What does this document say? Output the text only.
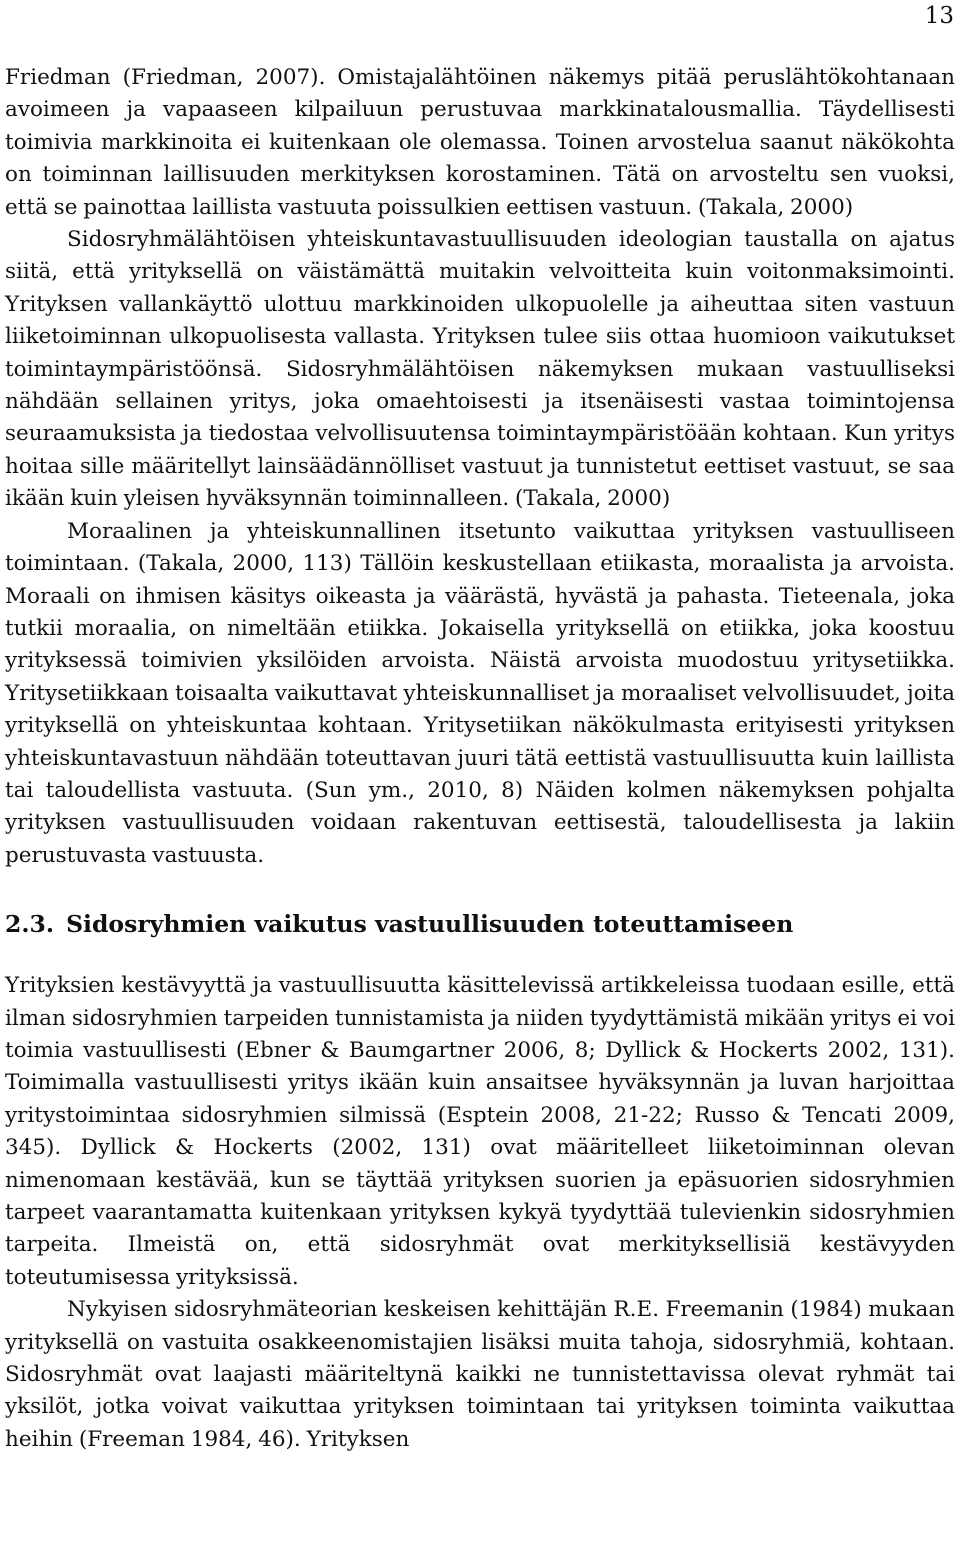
13

Friedman (Friedman, 2007). Omistajalähtöinen näkemys pitää peruslähtökohtanaan avoimeen ja vapaaseen kilpailuun perustuvaa markkinatalousmallia. Täydellisesti toimivia markkinoita ei kuitenkaan ole olemassa. Toinen arvostelua saanut näkökohta on toiminnan laillisuuden merkityksen korostaminen. Tätä on arvosteltu sen vuoksi, että se painottaa laillista vastuuta poissulkien eettisen vastuun. (Takala, 2000)

Sidosryhmälähtöisen yhteiskuntavastuullisuuden ideologian taustalla on ajatus siitä, että yrityksellä on väistämättä muitakin velvoitteita kuin voitonmaksimointi. Yrityksen vallankäyttö ulottuu markkinoiden ulkopuolelle ja aiheuttaa siten vastuun liiketoiminnan ulkopuolisesta vallasta. Yrityksen tulee siis ottaa huomioon vaikutukset toimintaympäristöönsä. Sidosryhmälähtöisen näkemyksen mukaan vastuulliseksi nähdään sellainen yritys, joka omaehtoisesti ja itsenäisesti vastaa toimintojensa seuraamuksista ja tiedostaa velvollisuutensa toimintaympäristöään kohtaan. Kun yritys hoitaa sille määritellyt lainsäädännölliset vastuut ja tunnistetut eettiset vastuut, se saa ikään kuin yleisen hyväksynnän toiminnalleen. (Takala, 2000)

Moraalinen ja yhteiskunnallinen itsetunto vaikuttaa yrityksen vastuulliseen toimintaan. (Takala, 2000, 113) Tällöin keskustellaan etiikasta, moraalista ja arvoista. Moraali on ihmisen käsitys oikeasta ja väärästä, hyvästä ja pahasta. Tieteenala, joka tutkii moraalia, on nimeltään etiikka. Jokaisella yrityksellä on etiikka, joka koostuu yrityksessä toimivien yksilöiden arvoista. Näistä arvoista muodostuu yritysetiikka. Yritysetiikkaan toisaalta vaikuttavat yhteiskunnalliset ja moraaliset velvollisuudet, joita yrityksellä on yhteiskuntaa kohtaan. Yritysetiikan näkökulmasta erityisesti yrityksen yhteiskuntavastuun nähdään toteuttavan juuri tätä eettistä vastuullisuutta kuin laillista tai taloudellista vastuuta. (Sun ym., 2010, 8) Näiden kolmen näkemyksen pohjalta yrityksen vastuullisuuden voidaan rakentuvan eettisestä, taloudellisesta ja lakiin perustuvasta vastuusta.

2.3. Sidosryhmien vaikutus vastuullisuuden toteuttamiseen

Yrityksien kestävyyttä ja vastuullisuutta käsittelevissä artikkeleissa tuodaan esille, että ilman sidosryhmien tarpeiden tunnistamista ja niiden tyydyttämistä mikään yritys ei voi toimia vastuullisesti (Ebner & Baumgartner 2006, 8; Dyllick & Hockerts 2002, 131). Toimimalla vastuullisesti yritys ikään kuin ansaitsee hyväksynnän ja luvan harjoittaa yritystoimintaa sidosryhmien silmissä (Esptein 2008, 21-22; Russo & Tencati 2009, 345). Dyllick & Hockerts (2002, 131) ovat määritelleet liiketoiminnan olevan nimenomaan kestävää, kun se täyttää yrityksen suorien ja epäsuorien sidosryhmien tarpeet vaarantamatta kuitenkaan yrityksen kykyä tyydyttää tulevienkin sidosryhmien tarpeita. Ilmeistä on, että sidosryhmät ovat merkityksellisiä kestävyyden toteutumisessa yrityksissä.

Nykyisen sidosryhmäteorian keskeisen kehittäjän R.E. Freemanin (1984) mukaan yrityksellä on vastuita osakkeenomistajien lisäksi muita tahoja, sidosryhmiä, kohtaan. Sidosryhmät ovat laajasti määriteltynä kaikki ne tunnistettavissa olevat ryhmät tai yksilöt, jotka voivat vaikuttaa yrityksen toimintaan tai yrityksen toiminta vaikuttaa heihin (Freeman 1984, 46). Yrityksen
